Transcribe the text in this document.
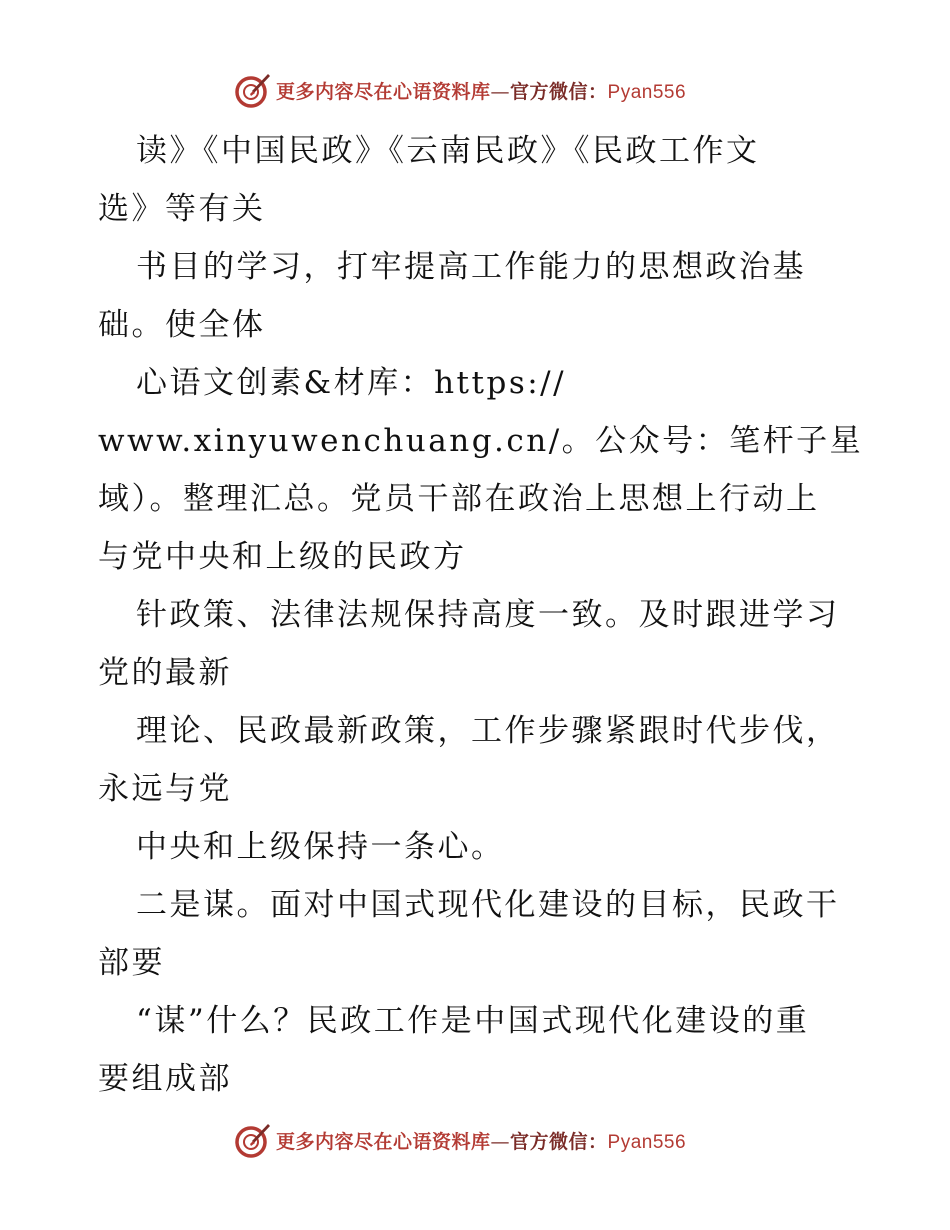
更多内容尽在心语资料库—官方微信：Pyan556
读》《中国民政》《云南民政》《民政工作文
选》等有关
书目的学习，打牢提高工作能力的思想政治基
础。使全体
心语文创素&材库：https://
www.xinyuwenchuang.cn/。公众号：笔杆子星
域）。整理汇总。党员干部在政治上思想上行动上
与党中央和上级的民政方
针政策、法律法规保持高度一致。及时跟进学习
党的最新
理论、民政最新政策，工作步骤紧跟时代步伐，
永远与党
中央和上级保持一条心。
二是谋。面对中国式现代化建设的目标，民政干
部要
“谋”什么？民政工作是中国式现代化建设的重
要组成部
更多内容尽在心语资料库—官方微信：Pyan556
